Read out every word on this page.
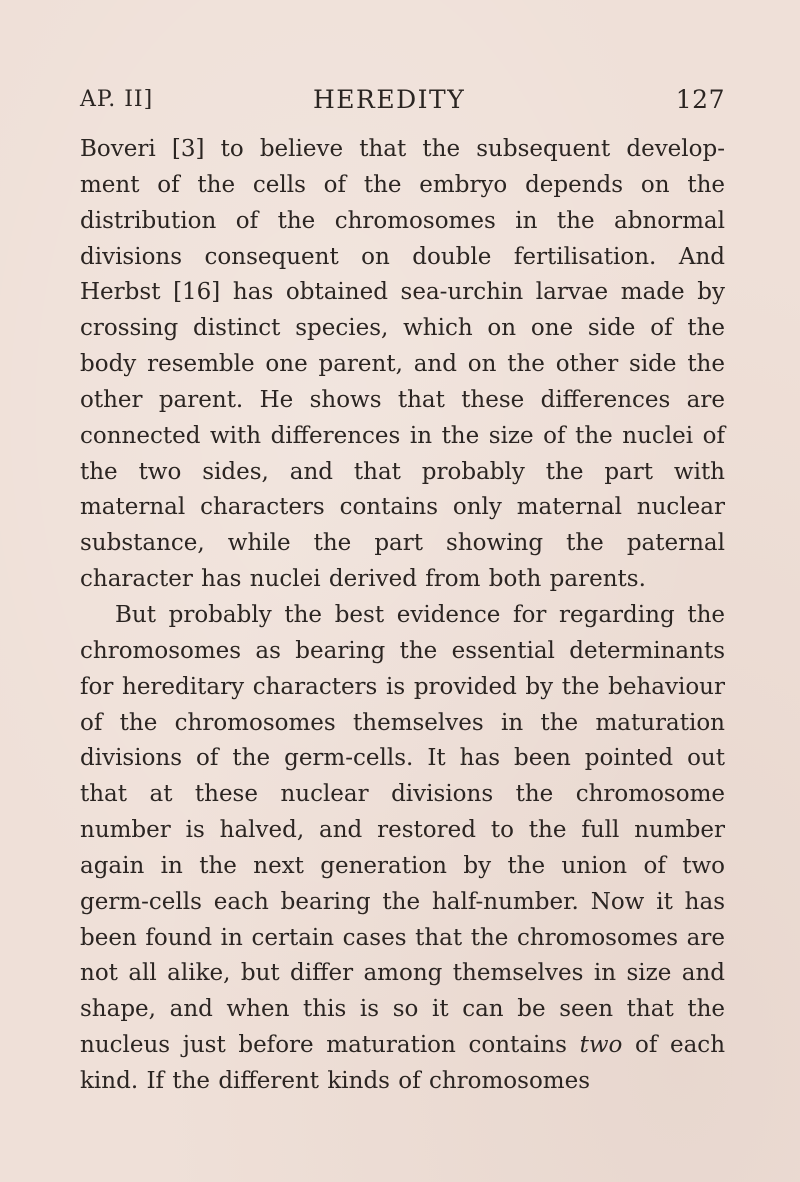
AP. II]	HEREDITY	127

Boveri [3] to believe that the subsequent develop-ment of the cells of the embryo depends on the distribution of the chromosomes in the abnormal divisions consequent on double fertilisation. And Herbst [16] has obtained sea-urchin larvae made by crossing distinct species, which on one side of the body resemble one parent, and on the other side the other parent. He shows that these differences are connected with differences in the size of the nuclei of the two sides, and that probably the part with maternal characters contains only maternal nuclear substance, while the part showing the paternal character has nuclei derived from both parents.

But probably the best evidence for regarding the chromosomes as bearing the essential determinants for hereditary characters is provided by the behaviour of the chromosomes themselves in the maturation divisions of the germ-cells. It has been pointed out that at these nuclear divisions the chromosome number is halved, and restored to the full number again in the next generation by the union of two germ-cells each bearing the half-number. Now it has been found in certain cases that the chromosomes are not all alike, but differ among themselves in size and shape, and when this is so it can be seen that the nucleus just before maturation contains two of each kind. If the different kinds of chromosomes
